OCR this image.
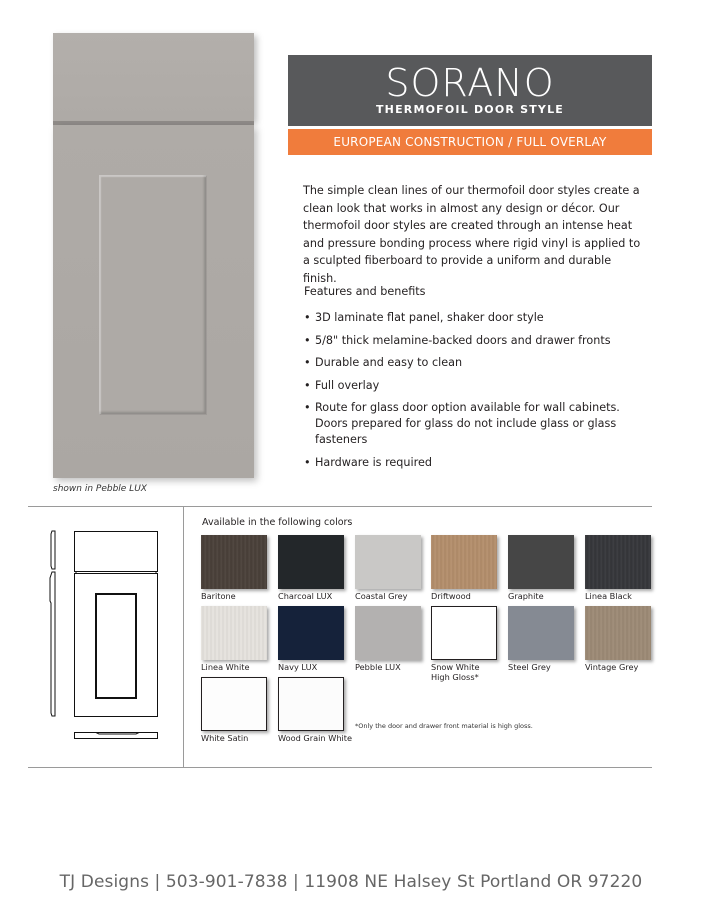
shown in Pebble LUX
SORANO
THERMOFOIL DOOR STYLE
EUROPEAN CONSTRUCTION / FULL OVERLAY
The simple clean lines of our thermofoil door styles create a clean look that works in almost any design or décor. Our thermofoil door styles are created through an intense heat and pressure bonding process where rigid vinyl is applied to a sculpted fiberboard to provide a uniform and durable finish.
Features and benefits
• 3D laminate flat panel, shaker door style
• 5/8" thick melamine-backed doors and drawer fronts
• Durable and easy to clean
• Full overlay
• Route for glass door option available for wall cabinets.
Doors prepared for glass do not include glass or glass fasteners
• Hardware is required
Available in the following colors
Baritone	Charcoal LUX	Coastal Grey	Driftwood	Graphite	Linea Black
Linea White	Navy LUX	Pebble LUX	Snow White
High Gloss*
Steel Grey	Vintage Grey
White Satin	Wood Grain White
*Only the door and drawer front material is high gloss.
TJ Designs | 503-901-7838 | 11908 NE Halsey St Portland OR 97220
